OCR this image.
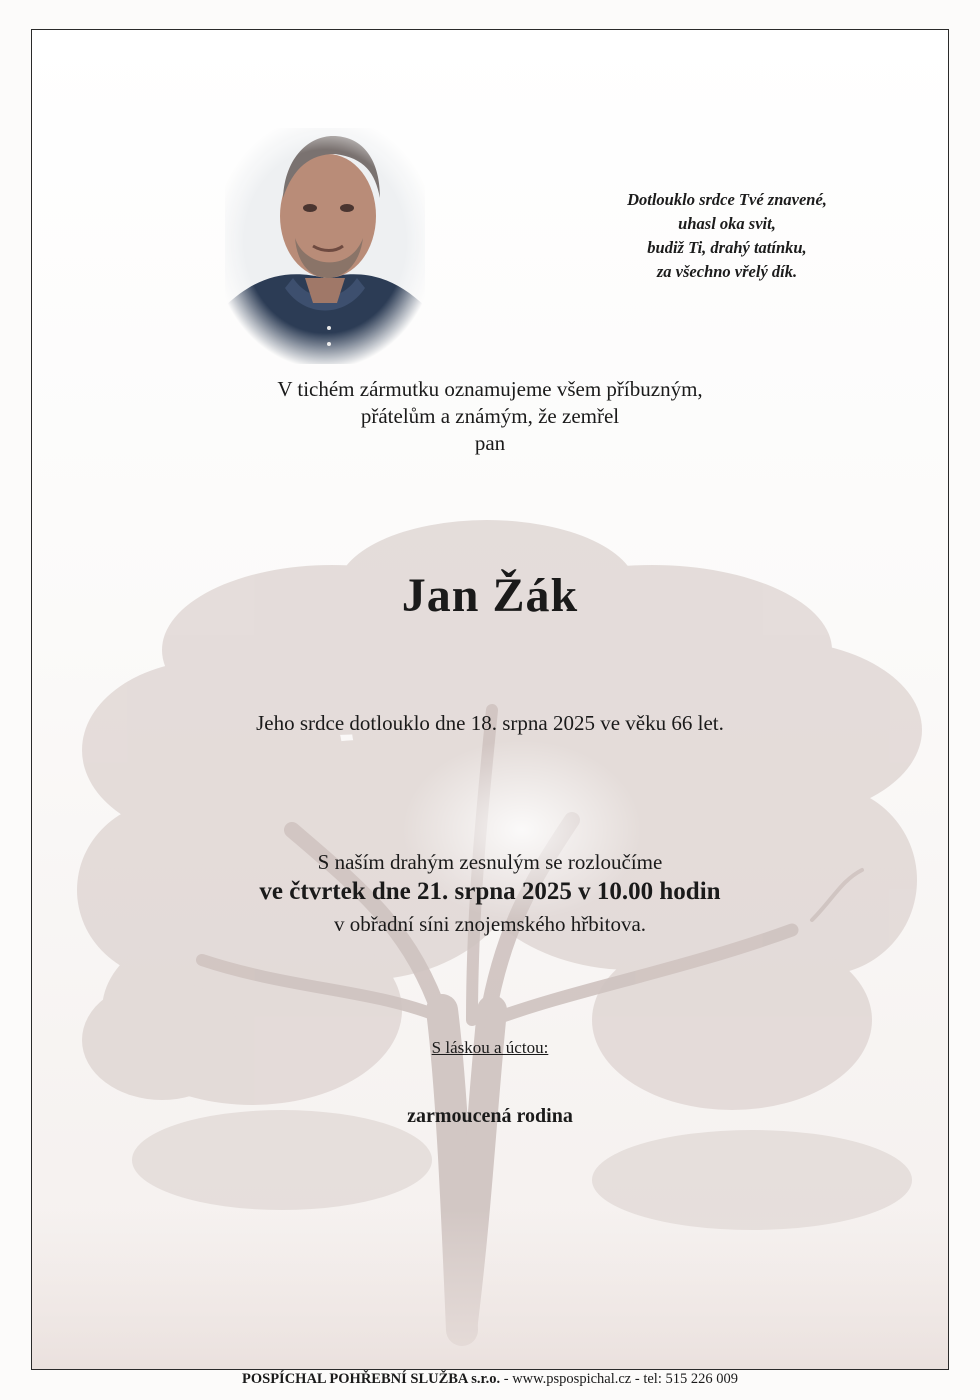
Dotlouklo srdce Tvé znavené,
uhasl oka svit,
budiž Ti, drahý tatínku,
za všechno vřelý dík.
V tichém zármutku oznamujeme všem příbuzným,
přátelům a známým, že zemřel
pan
Jan Žák
Jeho srdce dotlouklo dne 18. srpna 2025 ve věku 66 let.
S naším drahým zesnulým se rozloučíme
ve čtvrtek dne 21. srpna 2025 v 10.00 hodin
v obřadní síni znojemského hřbitova.
S láskou a úctou:
zarmoucená rodina
POSPÍCHAL POHŘEBNÍ SLUŽBA s.r.o. - www.pspospichal.cz - tel: 515 226 009
